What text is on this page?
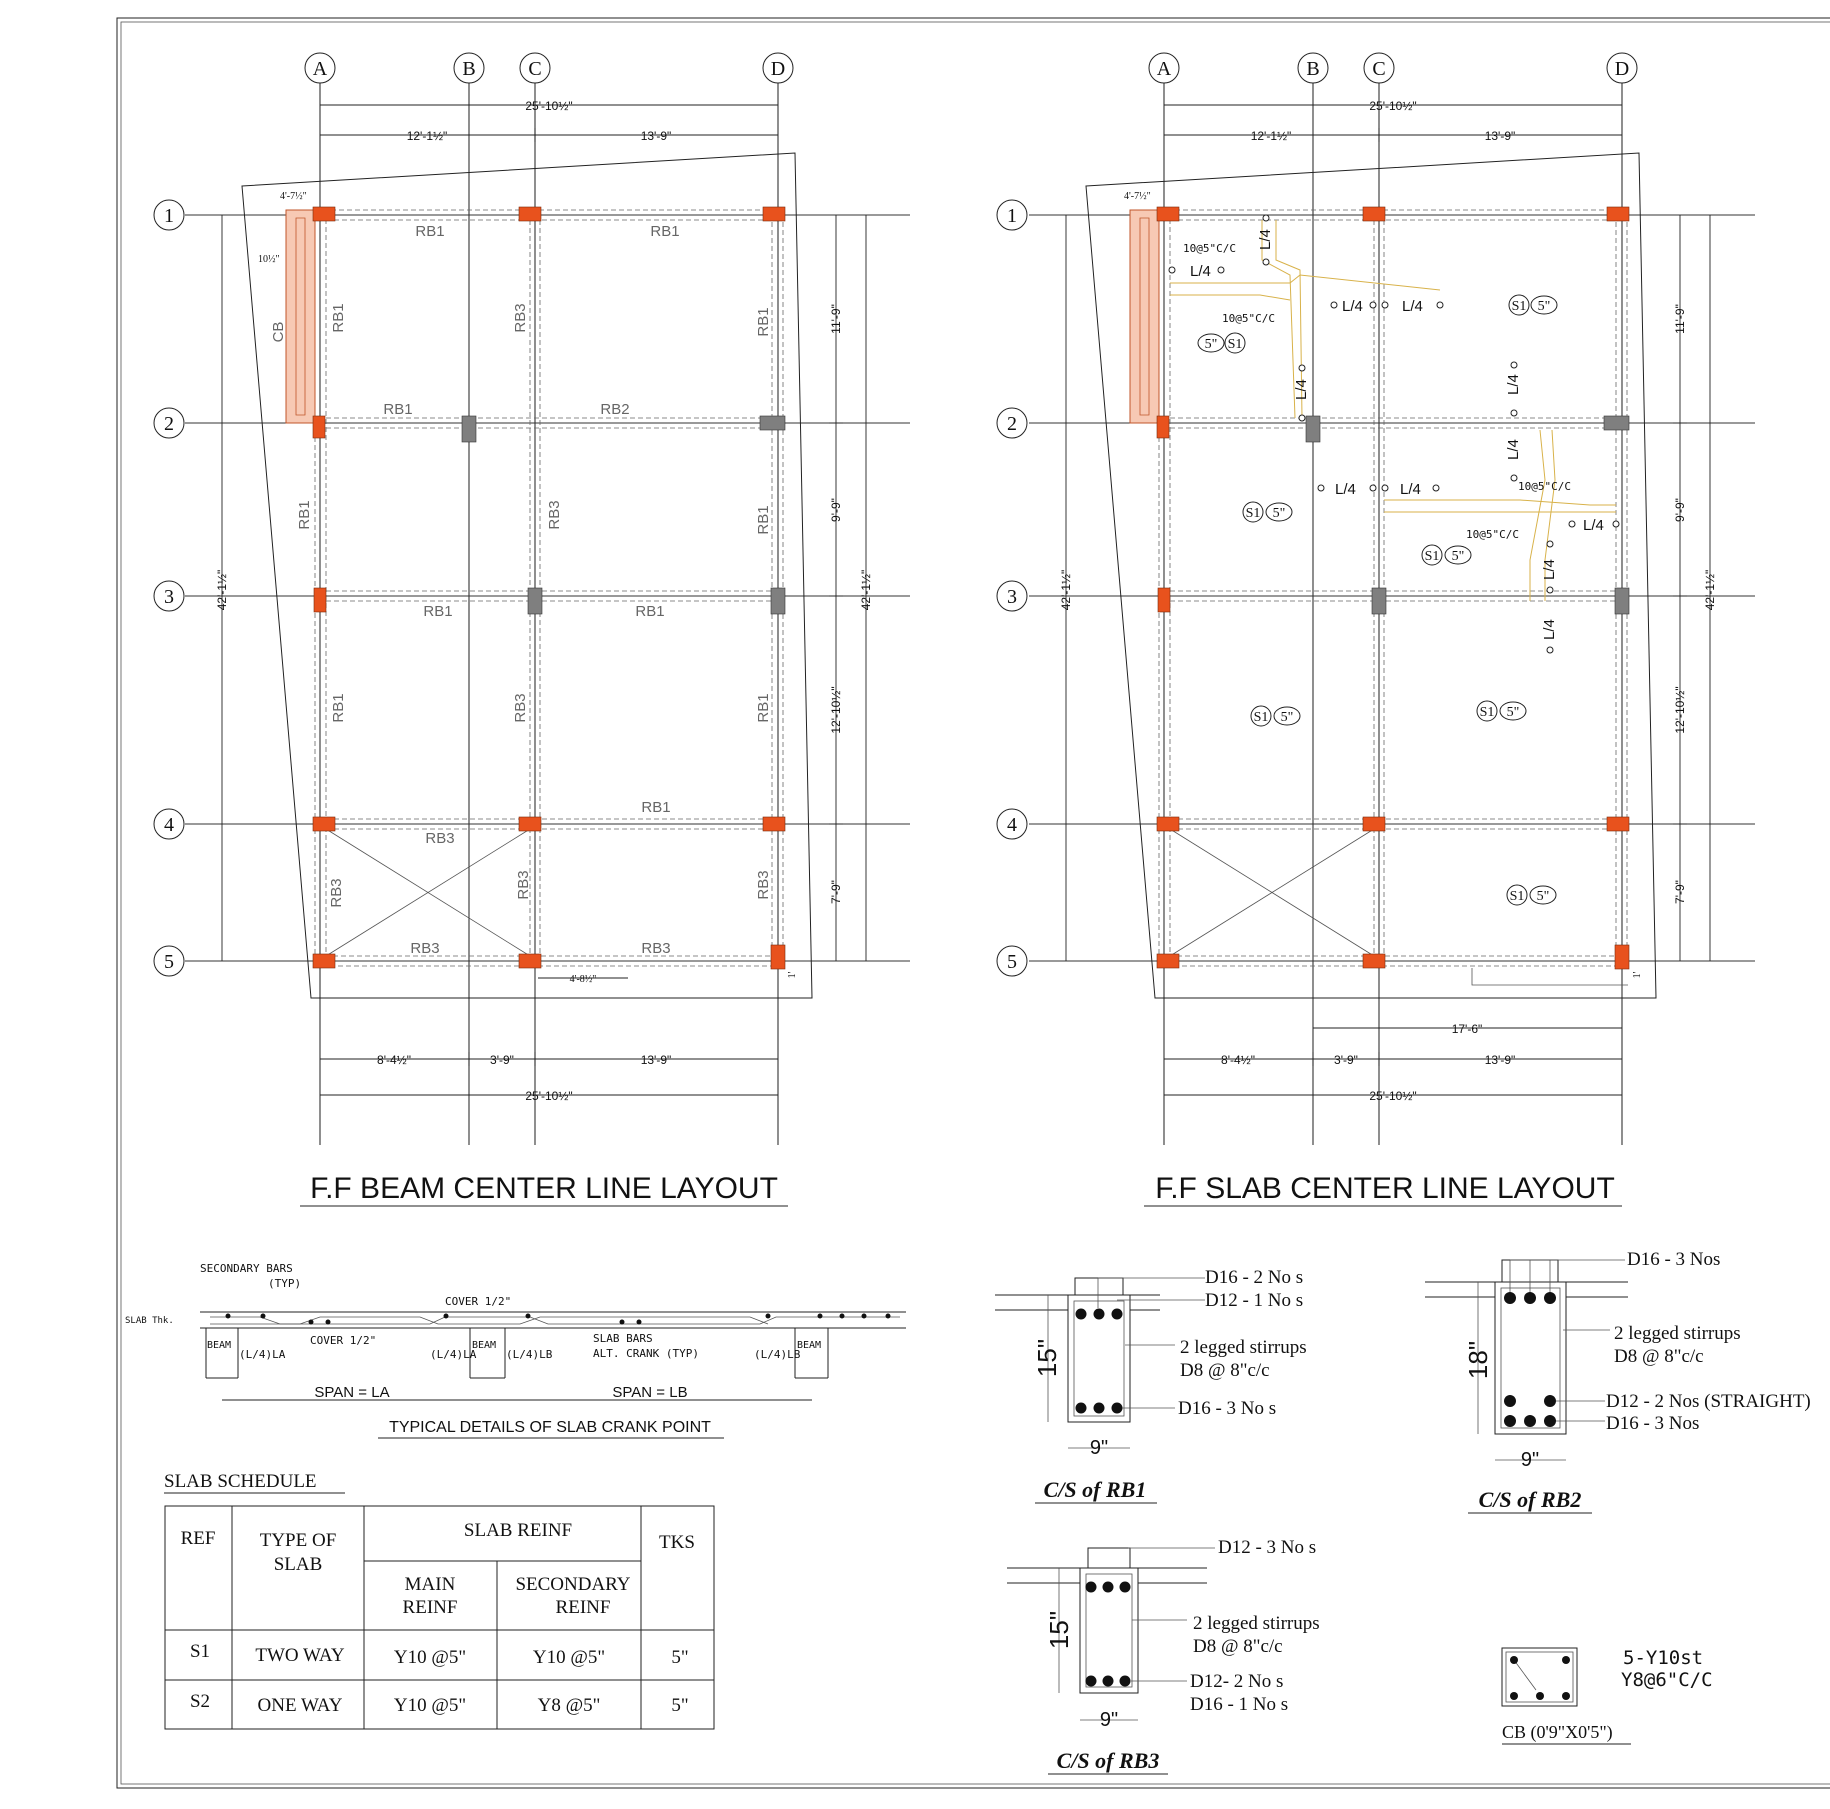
A	B	C	D
1
2
3
4
5
25'-10½"
12'-1½"	13'-9"
8'-4½"	3'-9"	13'-9"
25'-10½"
11'-9"
9'-9"
12'-10½"
7'-9"
42'-1½"
42'-1½"
4'-7½"
10½"
4'-8½"	1'
RB1	RB1
RB1	RB2
RB1	RB1
RB1
RB3
RB3	RB3
RB1	RB3	RB1
CB
RB1	RB3	RB1
RB1	RB3	RB1
RB3	RB3	RB3
F.F BEAM CENTER LINE LAYOUT
A	B	C	D
1
2
3
4
5
25'-10½"
12'-1½"	13'-9"
17'-6"
8'-4½"	3'-9"	13'-9"
25'-10½"
11'-9"
9'-9"
12'-10½"
7'-9"
42'-1½"
42'-1½"
4'-7½"
1'
L/4
L/4
L/4	L/4
L/4	L/4
L/4
L/4	L/4
L/4
L/4
L/4
10@5"C/C
10@5"C/C
10@5"C/C
10@5"C/C
S1 5"
5" S1
S1 5"
S1 5"
S1 5"	S1 5"
S1 5"
F.F SLAB CENTER LINE LAYOUT
SECONDARY BARS
(TYP)
SLAB Thk.
COVER 1/2"
COVER 1/2"	SLAB BARS
ALT. CRANK (TYP)
BEAM
(L/4)LA	(L/4)LA
BEAM
(L/4)LB	(L/4)LB
BEAM
SPAN = LA	SPAN = LB
TYPICAL DETAILS OF SLAB CRANK POINT
SLAB SCHEDULE
REF TYPE OF
SLAB
SLAB REINF
MAIN
REINF
SECONDARY
REINF
TKS
S1 TWO WAY	Y10 @5"	Y10 @5"	5"
S2 ONE WAY	Y10 @5"	Y8 @5"	5"
D16 - 2 No s
D12 - 1 No s
2 legged stirrups
D8 @ 8"c/c
D16 - 3 No s
15"
9"
C/S of RB1
D16 - 3 Nos
2 legged stirrups
D8 @ 8"c/c
D12 - 2 Nos (STRAIGHT)
D16 - 3 Nos
18"
9"
C/S of RB2
D12 - 3 No s
2 legged stirrups
D8 @ 8"c/c
D12- 2 No s
D16 - 1 No s
15"
9"
C/S of RB3
5-Y10st
Y8@6"C/C
CB (0'9"X0'5")
